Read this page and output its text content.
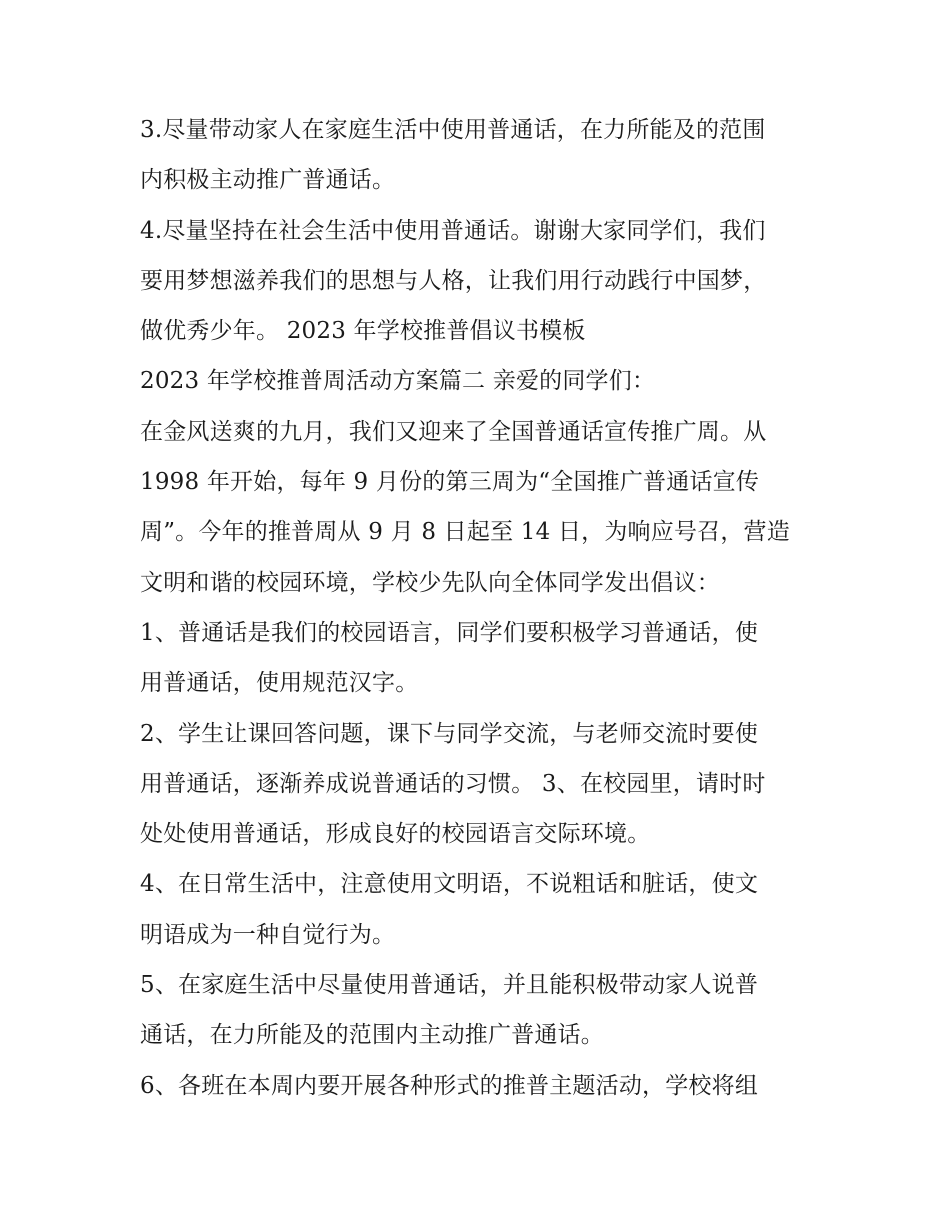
3.尽量带动家人在家庭生活中使用普通话，在力所能及的范围
内积极主动推广普通话。
4.尽量坚持在社会生活中使用普通话。谢谢大家同学们，我们
要用梦想滋养我们的思想与人格，让我们用行动践行中国梦，
做优秀少年。 2023 年学校推普倡议书模板
2023 年学校推普周活动方案篇二 亲爱的同学们：
在金风送爽的九月，我们又迎来了全国普通话宣传推广周。从
1998 年开始，每年 9 月份的第三周为“全国推广普通话宣传
周”。今年的推普周从 9 月 8 日起至 14 日，为响应号召，营造
文明和谐的校园环境，学校少先队向全体同学发出倡议：
1、普通话是我们的校园语言，同学们要积极学习普通话，使
用普通话，使用规范汉字。
2、学生让课回答问题，课下与同学交流，与老师交流时要使
用普通话，逐渐养成说普通话的习惯。 3、在校园里，请时时
处处使用普通话，形成良好的校园语言交际环境。
4、在日常生活中，注意使用文明语，不说粗话和脏话，使文
明语成为一种自觉行为。
5、在家庭生活中尽量使用普通话，并且能积极带动家人说普
通话，在力所能及的范围内主动推广普通话。
6、各班在本周内要开展各种形式的推普主题活动，学校将组
